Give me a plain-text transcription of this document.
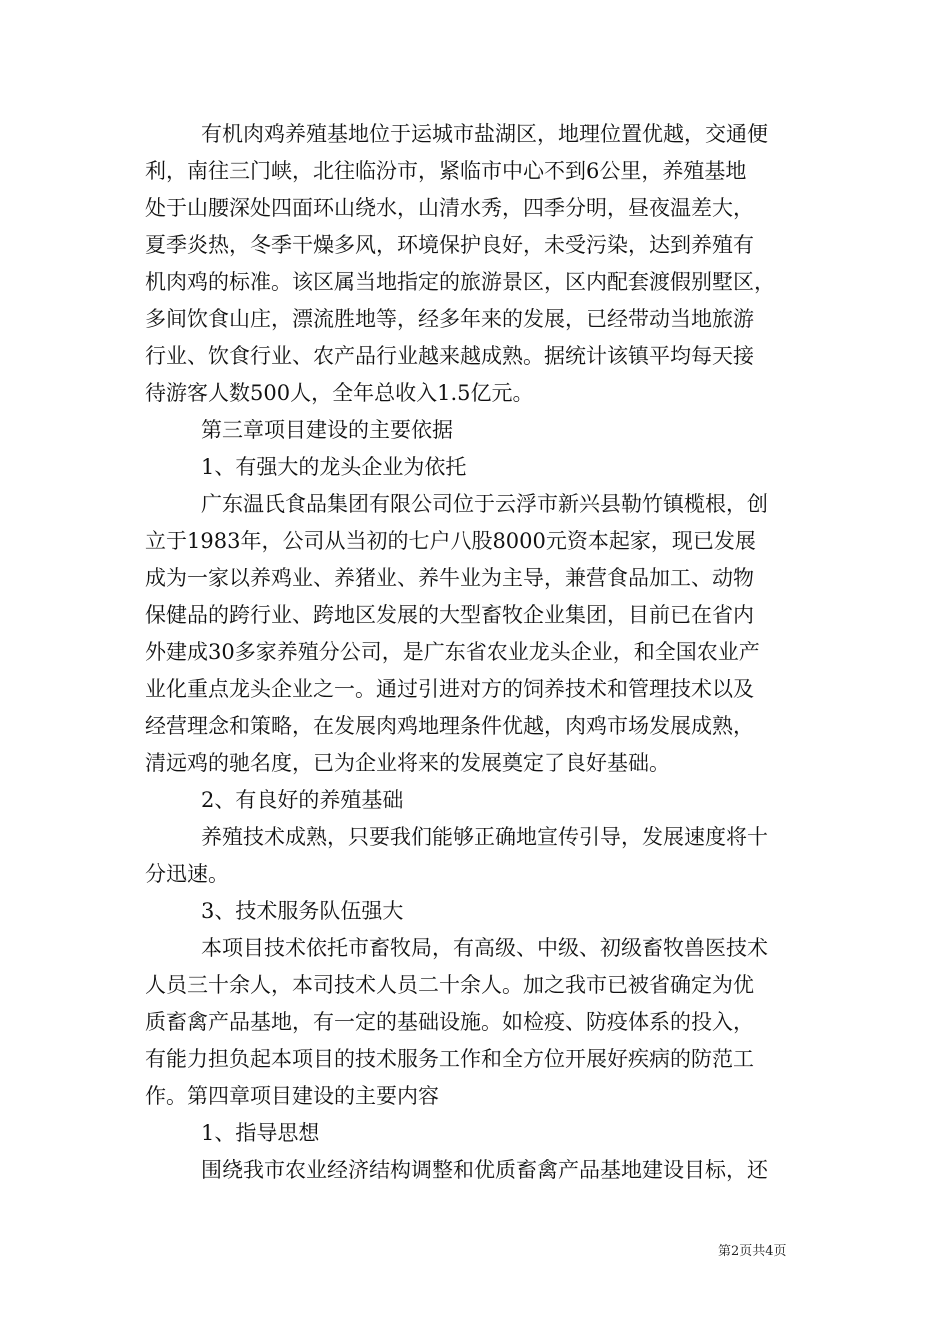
有机肉鸡养殖基地位于运城市盐湖区，地理位置优越，交通便
利，南往三门峡，北往临汾市，紧临市中心不到6公里，养殖基地
处于山腰深处四面环山绕水，山清水秀，四季分明，昼夜温差大，
夏季炎热，冬季干燥多风，环境保护良好，未受污染，达到养殖有
机肉鸡的标准。该区属当地指定的旅游景区，区内配套渡假别墅区，
多间饮食山庄，漂流胜地等，经多年来的发展，已经带动当地旅游
行业、饮食行业、农产品行业越来越成熟。据统计该镇平均每天接
待游客人数500人，全年总收入1.5亿元。
第三章项目建设的主要依据
1、有强大的龙头企业为依托
广东温氏食品集团有限公司位于云浮市新兴县勒竹镇榄根，创
立于1983年，公司从当初的七户八股8000元资本起家，现已发展
成为一家以养鸡业、养猪业、养牛业为主导，兼营食品加工、动物
保健品的跨行业、跨地区发展的大型畜牧企业集团，目前已在省内
外建成30多家养殖分公司，是广东省农业龙头企业，和全国农业产
业化重点龙头企业之一。通过引进对方的饲养技术和管理技术以及
经营理念和策略，在发展肉鸡地理条件优越，肉鸡市场发展成熟，
清远鸡的驰名度，已为企业将来的发展奠定了良好基础。
2、有良好的养殖基础
养殖技术成熟，只要我们能够正确地宣传引导，发展速度将十
分迅速。
3、技术服务队伍强大
本项目技术依托市畜牧局，有高级、中级、初级畜牧兽医技术
人员三十余人，本司技术人员二十余人。加之我市已被省确定为优
质畜禽产品基地，有一定的基础设施。如检疫、防疫体系的投入，
有能力担负起本项目的技术服务工作和全方位开展好疾病的防范工
作。第四章项目建设的主要内容
1、指导思想
围绕我市农业经济结构调整和优质畜禽产品基地建设目标，还
第2页共4页
